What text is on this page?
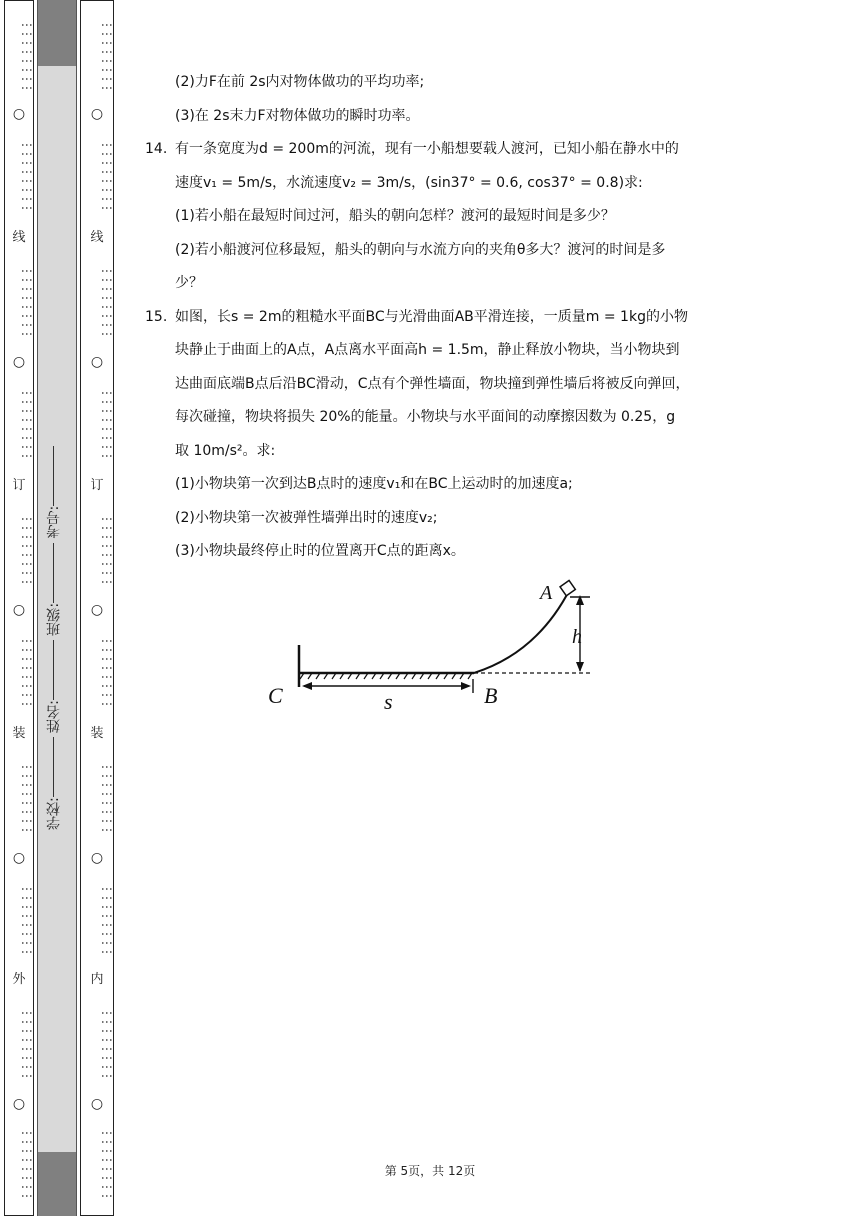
⋮⋮⋮⋮⋮⋮⋮⋮
○
⋮⋮⋮⋮⋮⋮⋮⋮
线
⋮⋮⋮⋮⋮⋮⋮⋮
○
⋮⋮⋮⋮⋮⋮⋮⋮
订
⋮⋮⋮⋮⋮⋮⋮⋮
○
⋮⋮⋮⋮⋮⋮⋮⋮
装
⋮⋮⋮⋮⋮⋮⋮⋮
○
⋮⋮⋮⋮⋮⋮⋮⋮
外
⋮⋮⋮⋮⋮⋮⋮⋮
○
⋮⋮⋮⋮⋮⋮⋮⋮
学校: 姓名: 班级: 考号:
⋮⋮⋮⋮⋮⋮⋮⋮
○
⋮⋮⋮⋮⋮⋮⋮⋮
线
⋮⋮⋮⋮⋮⋮⋮⋮
○
⋮⋮⋮⋮⋮⋮⋮⋮
订
⋮⋮⋮⋮⋮⋮⋮⋮
○
⋮⋮⋮⋮⋮⋮⋮⋮
装
⋮⋮⋮⋮⋮⋮⋮⋮
○
⋮⋮⋮⋮⋮⋮⋮⋮
内
⋮⋮⋮⋮⋮⋮⋮⋮
○
⋮⋮⋮⋮⋮⋮⋮⋮
(2)力F在前 2s内对物体做功的平均功率;
(3)在 2s末力F对物体做功的瞬时功率。
14. 有一条宽度为d = 200m的河流，现有一小船想要载人渡河，已知小船在静水中的
速度v₁ = 5m/s，水流速度v₂ = 3m/s，(sin37° = 0.6, cos37° = 0.8)求:
(1)若小船在最短时间过河，船头的朝向怎样？渡河的最短时间是多少？
(2)若小船渡河位移最短，船头的朝向与水流方向的夹角θ多大？渡河的时间是多
少？
15. 如图，长s = 2m的粗糙水平面BC与光滑曲面AB平滑连接，一质量m = 1kg的小物
块静止于曲面上的A点，A点离水平面高h = 1.5m，静止释放小物块，当小物块到
达曲面底端B点后沿BC滑动，C点有个弹性墙面，物块撞到弹性墙后将被反向弹回，
每次碰撞，物块将损失 20%的能量。小物块与水平面间的动摩擦因数为 0.25，g
取 10m/s²。求:
(1)小物块第一次到达B点时的速度v₁和在BC上运动时的加速度a;
(2)小物块第一次被弹性墙弹出时的速度v₂;
(3)小物块最终停止时的位置离开C点的距离x。
A
h
C	s	B
第 5页，共 12页
